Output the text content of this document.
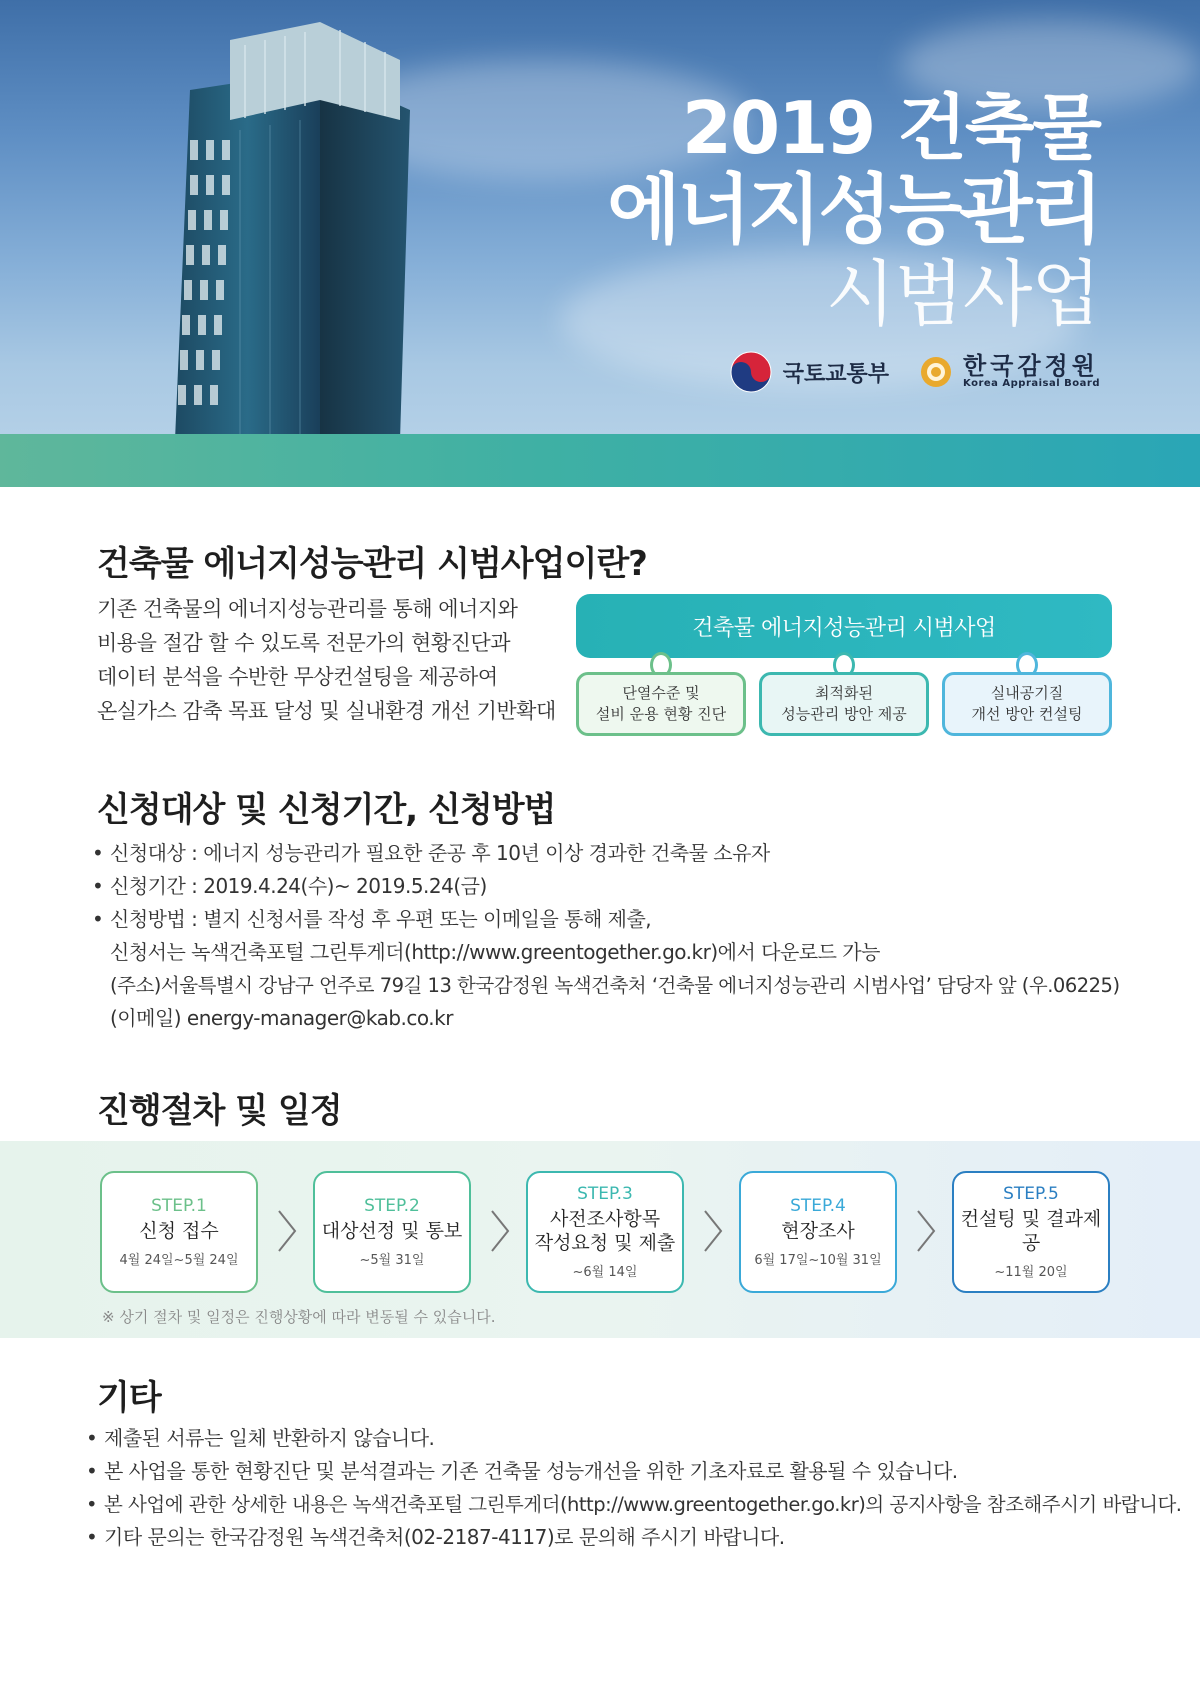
2019 건축물
에너지성능관리
시범사업
국토교통부	한국감정원
Korea Appraisal Board
건축물 에너지성능관리 시범사업이란?
기존 건축물의 에너지성능관리를 통해 에너지와
비용을 절감 할 수 있도록 전문가의 현황진단과
데이터 분석을 수반한 무상컨설팅을 제공하여
온실가스 감축 목표 달성 및 실내환경 개선 기반확대
건축물 에너지성능관리 시범사업
단열수준 및
설비 운용 현황 진단
최적화된
성능관리 방안 제공
실내공기질
개선 방안 컨설팅
신청대상 및 신청기간, 신청방법
• 신청대상 : 에너지 성능관리가 필요한 준공 후 10년 이상 경과한 건축물 소유자
• 신청기간 : 2019.4.24(수)~ 2019.5.24(금)
• 신청방법 : 별지 신청서를 작성 후 우편 또는 이메일을 통해 제출,
신청서는 녹색건축포털 그린투게더(http://www.greentogether.go.kr)에서 다운로드 가능
(주소)서울특별시 강남구 언주로 79길 13 한국감정원 녹색건축처 ‘건축물 에너지성능관리 시범사업’ 담당자 앞 (우.06225)
(이메일) energy-manager@kab.co.kr
진행절차 및 일정
STEP.1
신청 접수
4월 24일~5월 24일
STEP.2
대상선정 및 통보
~5월 31일
STEP.3
사전조사항목
작성요청 및 제출
~6월 14일
STEP.4
현장조사
6월 17일~10월 31일
STEP.5
컨설팅 및 결과제공
~11월 20일
※ 상기 절차 및 일정은 진행상황에 따라 변동될 수 있습니다.
기타
• 제출된 서류는 일체 반환하지 않습니다.
• 본 사업을 통한 현황진단 및 분석결과는 기존 건축물 성능개선을 위한 기초자료로 활용될 수 있습니다.
• 본 사업에 관한 상세한 내용은 녹색건축포털 그린투게더(http://www.greentogether.go.kr)의 공지사항을 참조해주시기 바랍니다.
• 기타 문의는 한국감정원 녹색건축처(02-2187-4117)로 문의해 주시기 바랍니다.
